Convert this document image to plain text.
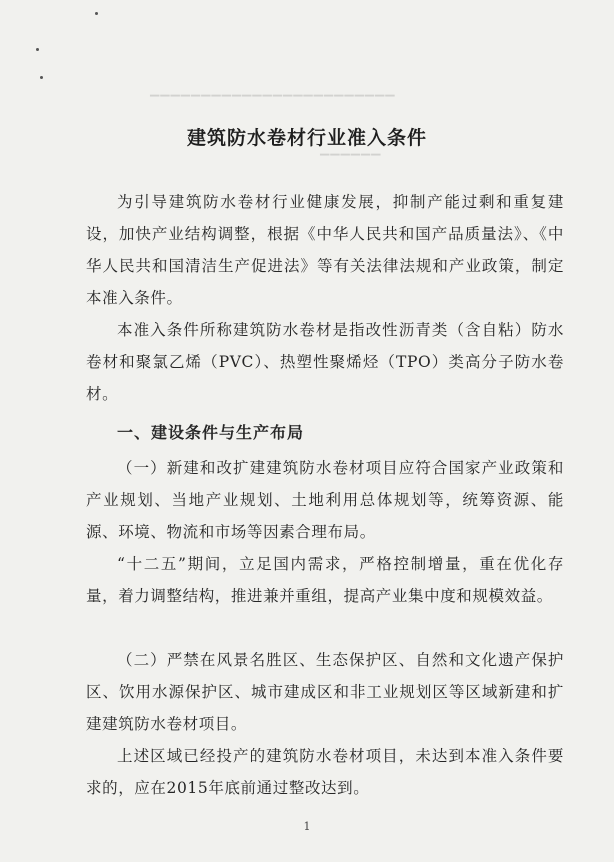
▔▔▔▔▔▔▔▔▔▔▔▔▔▔▔▔▔▔▔▔▔▔▔▔
▔▔▔▔▔▔
建筑防水卷材行业准入条件

为引导建筑防水卷材行业健康发展，抑制产能过剩和重复建设，加快产业结构调整，根据《中华人民共和国产品质量法》、《中华人民共和国清洁生产促进法》等有关法律法规和产业政策，制定本准入条件。

本准入条件所称建筑防水卷材是指改性沥青类（含自粘）防水卷材和聚氯乙烯（PVC）、热塑性聚烯烃（TPO）类高分子防水卷材。

一、建设条件与生产布局

（一）新建和改扩建建筑防水卷材项目应符合国家产业政策和产业规划、当地产业规划、土地利用总体规划等，统筹资源、能源、环境、物流和市场等因素合理布局。

“十二五”期间，立足国内需求，严格控制增量，重在优化存量，着力调整结构，推进兼并重组，提高产业集中度和规模效益。

（二）严禁在风景名胜区、生态保护区、自然和文化遗产保护区、饮用水源保护区、城市建成区和非工业规划区等区域新建和扩建建筑防水卷材项目。

上述区域已经投产的建筑防水卷材项目，未达到本准入条件要求的，应在2015年底前通过整改达到。

1
